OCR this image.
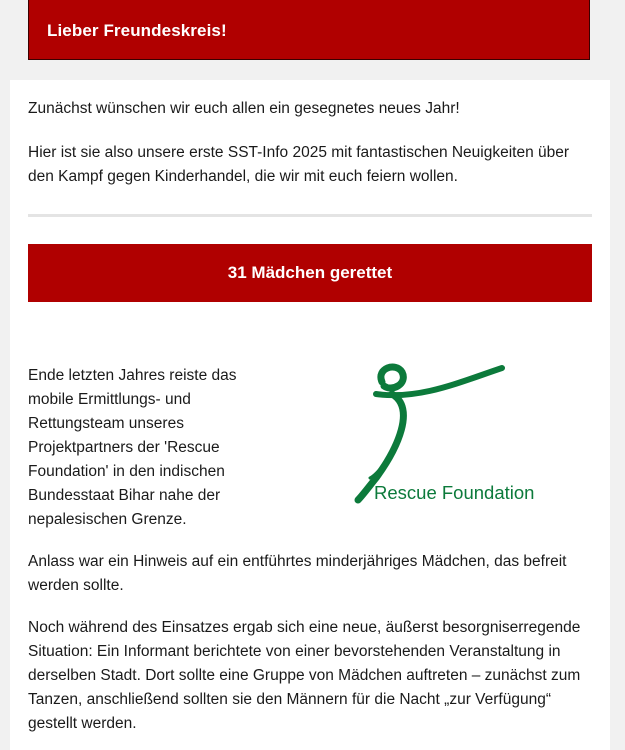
Lieber Freundeskreis!

Zunächst wünschen wir euch allen ein gesegnetes neues Jahr!

Hier ist sie also unsere erste SST-Info 2025 mit fantastischen Neuigkeiten über den Kampf gegen Kinderhandel, die wir mit euch feiern wollen.

31 Mädchen gerettet

Ende letzten Jahres reiste das mobile Ermittlungs- und Rettungsteam unseres Projektpartners der 'Rescue Foundation' in den indischen Bundesstaat Bihar nahe der nepalesischen Grenze.

Rescue Foundation

Anlass war ein Hinweis auf ein entführtes minderjähriges Mädchen, das befreit werden sollte.

Noch während des Einsatzes ergab sich eine neue, äußerst besorgniserregende Situation: Ein Informant berichtete von einer bevorstehenden Veranstaltung in derselben Stadt. Dort sollte eine Gruppe von Mädchen auftreten – zunächst zum Tanzen, anschließend sollten sie den Männern für die Nacht „zur Verfügung“ gestellt werden.
